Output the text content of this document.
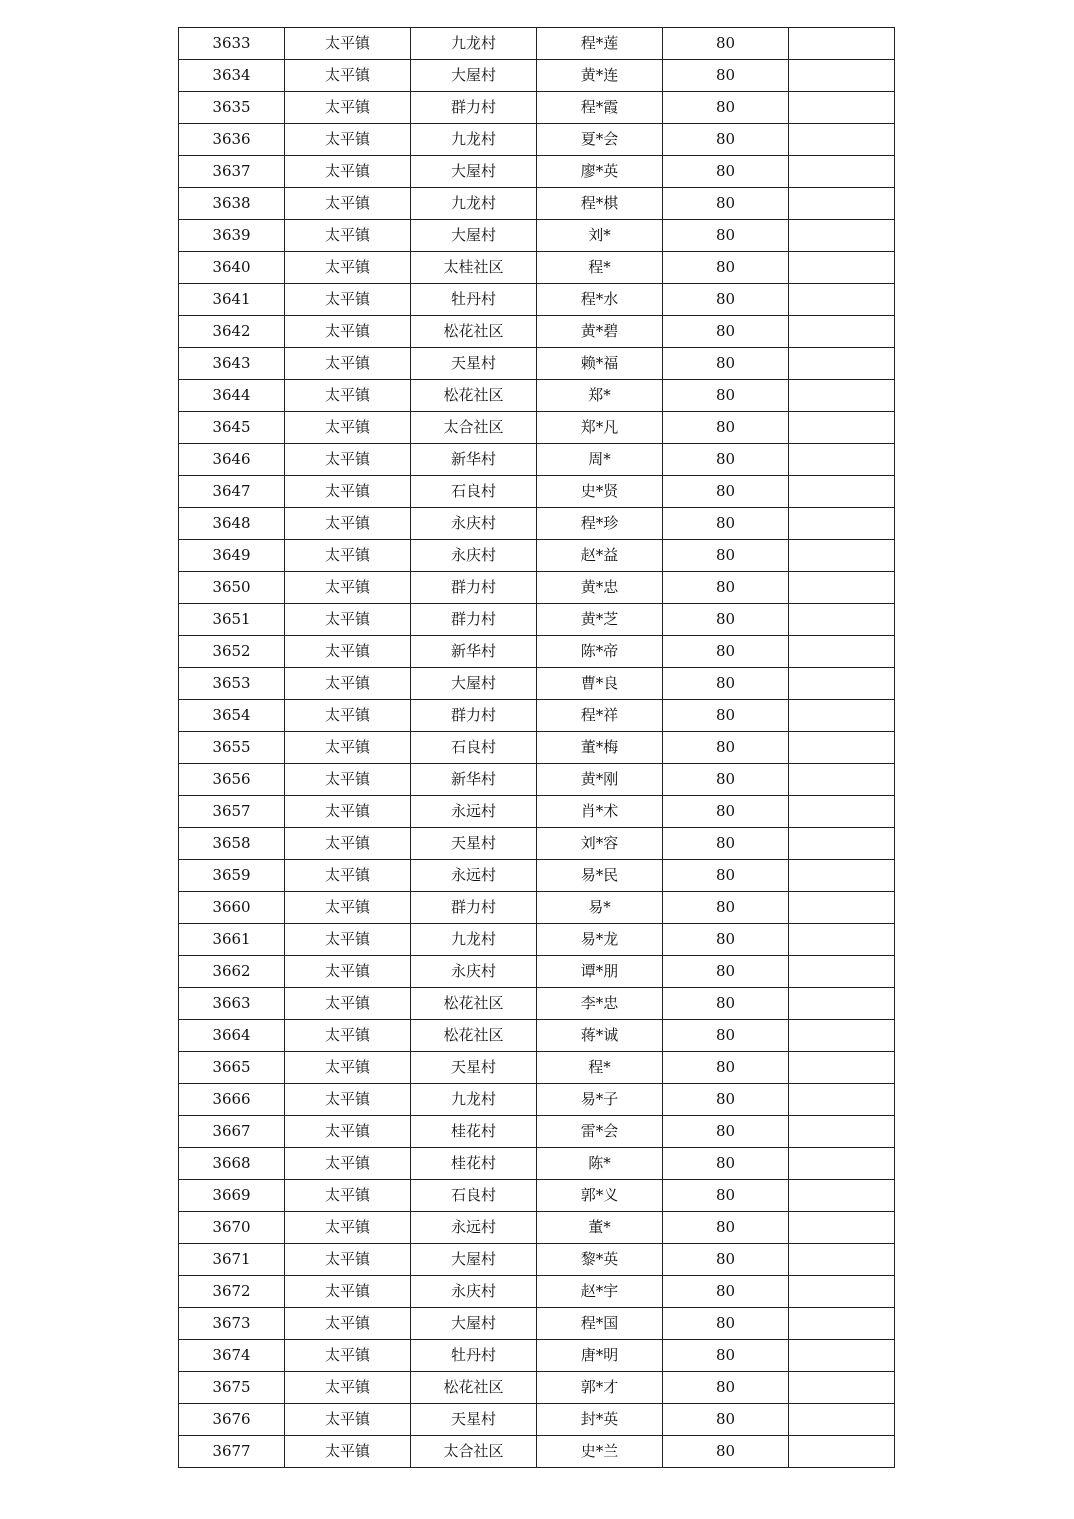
3633	太平镇	九龙村	程*莲	80	
3634	太平镇	大屋村	黄*连	80	
3635	太平镇	群力村	程*霞	80	
3636	太平镇	九龙村	夏*会	80	
3637	太平镇	大屋村	廖*英	80	
3638	太平镇	九龙村	程*棋	80	
3639	太平镇	大屋村	刘*	80	
3640	太平镇	太桂社区	程*	80	
3641	太平镇	牡丹村	程*水	80	
3642	太平镇	松花社区	黄*碧	80	
3643	太平镇	天星村	赖*福	80	
3644	太平镇	松花社区	郑*	80	
3645	太平镇	太合社区	郑*凡	80	
3646	太平镇	新华村	周*	80	
3647	太平镇	石良村	史*贤	80	
3648	太平镇	永庆村	程*珍	80	
3649	太平镇	永庆村	赵*益	80	
3650	太平镇	群力村	黄*忠	80	
3651	太平镇	群力村	黄*芝	80	
3652	太平镇	新华村	陈*帝	80	
3653	太平镇	大屋村	曹*良	80	
3654	太平镇	群力村	程*祥	80	
3655	太平镇	石良村	董*梅	80	
3656	太平镇	新华村	黄*刚	80	
3657	太平镇	永远村	肖*术	80	
3658	太平镇	天星村	刘*容	80	
3659	太平镇	永远村	易*民	80	
3660	太平镇	群力村	易*	80	
3661	太平镇	九龙村	易*龙	80	
3662	太平镇	永庆村	谭*朋	80	
3663	太平镇	松花社区	李*忠	80	
3664	太平镇	松花社区	蒋*诚	80	
3665	太平镇	天星村	程*	80	
3666	太平镇	九龙村	易*子	80	
3667	太平镇	桂花村	雷*会	80	
3668	太平镇	桂花村	陈*	80	
3669	太平镇	石良村	郭*义	80	
3670	太平镇	永远村	董*	80	
3671	太平镇	大屋村	黎*英	80	
3672	太平镇	永庆村	赵*宇	80	
3673	太平镇	大屋村	程*国	80	
3674	太平镇	牡丹村	唐*明	80	
3675	太平镇	松花社区	郭*才	80	
3676	太平镇	天星村	封*英	80	
3677	太平镇	太合社区	史*兰	80	
